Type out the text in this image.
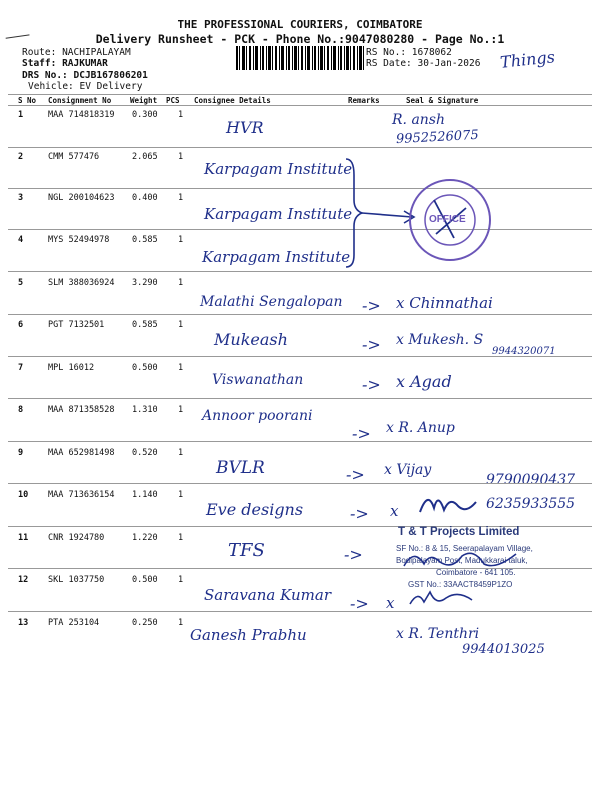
THE PROFESSIONAL COURIERS, COIMBATORE
Delivery Runsheet - PCK - Phone No.:9047080280 - Page No.:1
Route: NACHIPALAYAM
Staff: RAJKUMAR
DRS No.: DCJB167806201
Vehicle: EV Delivery
RS No.: 1678062
RS Date: 30-Jan-2026 Things
S No Consignment No	Weight PCS Consignee Details	Remarks	Seal & Signature
1	MAA 714818319 0.300 1
HVR	R. ansh
9952526075
2	CMM 577476	2.065 1
Karpagam Institute
3	NGL 200104623 0.400 1
Karpagam Institute
4	MYS 52494978	0.585 1
Karpagam Institute
OFFICE
5	SLM 388036924 3.290 1
Malathi Sengalopan -> x Chinnathai
6	PGT 7132501	0.585 1
Mukeash	-> x Mukesh. S
9944320071
7	MPL 16012	0.500 1
Viswanathan	-> x Agad
8	MAA 871358528 1.310 1 Annoor poorani
-> x R. Anup
9	MAA 652981498 0.520 1
BVLR	-> x Vijay
9790090437
10 MAA 713636154 1.140 1
Eve designs	-> x	6235933555
11 CNR 1924780	1.220 1
TFS	->
T & T Projects Limited
SF No.: 8 & 15, Seerapalayam Village,
Bodipalayam Post, Madukkarai taluk,
Coimbatore - 641 105.
GST No.: 33AACT8459P1ZO
12 SKL 1037750	0.500 1
Saravana Kumar -> x
13 PTA 253104	0.250 1
Ganesh Prabhu	x R. Tenthri
9944013025
